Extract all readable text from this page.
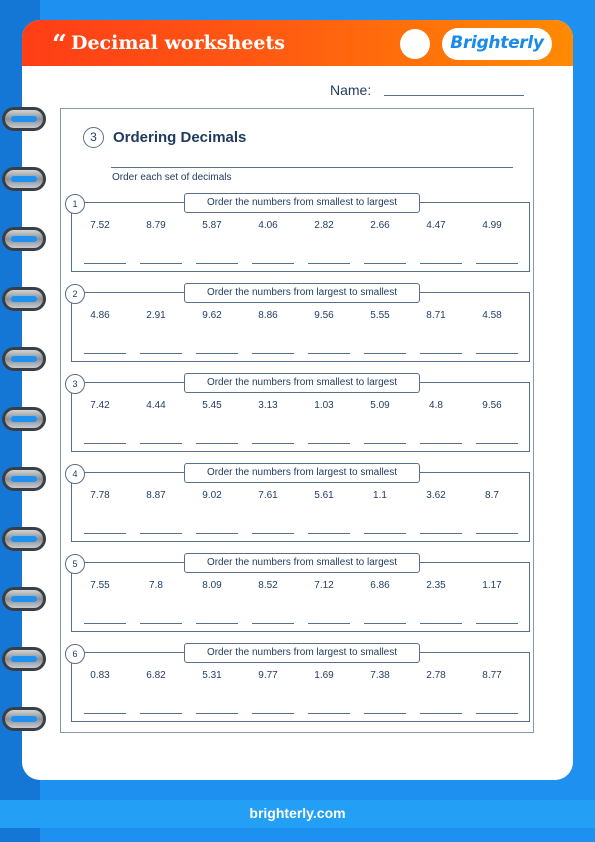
“ Decimal worksheets	Brighterly
Name:
3	Ordering Decimals
Order each set of decimals
1	Order the numbers from smallest to largest
7.52	8.79	5.87	4.06	2.82	2.66	4.47	4.99
2	Order the numbers from largest to smallest
4.86	2.91	9.62	8.86	9.56	5.55	8.71	4.58
3	Order the numbers from smallest to largest
7.42	4.44	5.45	3.13	1.03	5.09	4.8	9.56
4	Order the numbers from largest to smallest
7.78	8.87	9.02	7.61	5.61	1.1	3.62	8.7
5	Order the numbers from smallest to largest
7.55	7.8	8.09	8.52	7.12	6.86	2.35	1.17
6	Order the numbers from largest to smallest
0.83	6.82	5.31	9.77	1.69	7.38	2.78	8.77
brighterly.com
